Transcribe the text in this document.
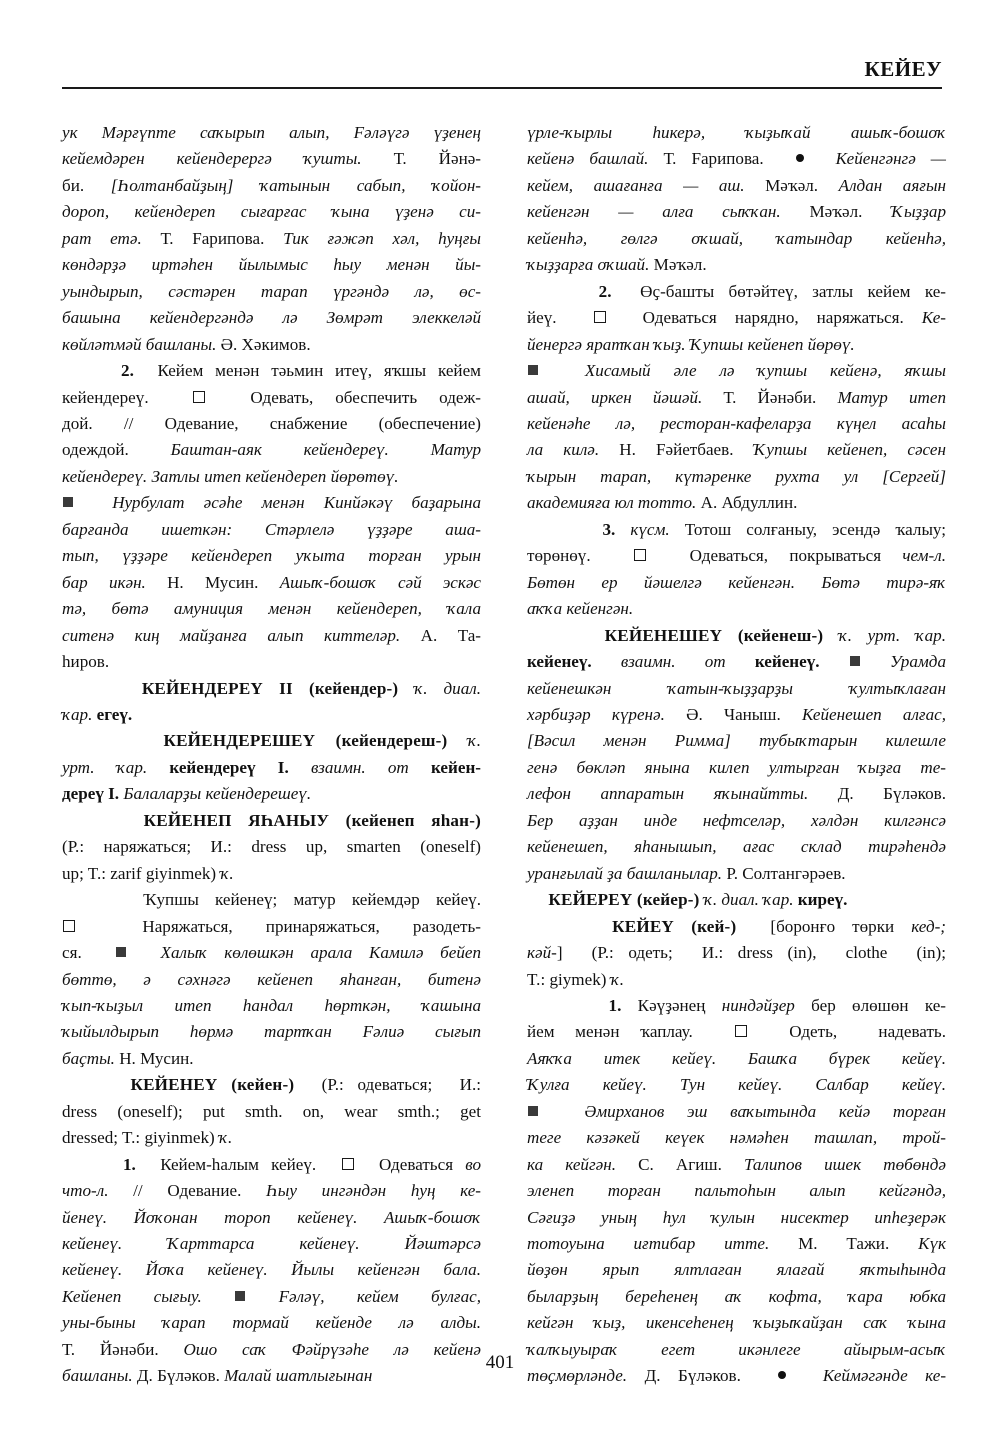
КЕЙЕУ
ук Мәрғүпте саҡырып алып, Fәләүгә үҙенең
кейемдәрен кейендерергә ҡушты. Т. Йәнә-
би. [Һолтанбайҙың] ҡатынын сабып, ҡойон-
дороп, кейендереп сығарғас ҡына үҙенә си-
рат етә. Т. Fарипова. Тик ғәжәп хәл, һуңғы
көндәрҙә иртәһен йылымыс һыу менән йы-
уындырып, сәстәрен тарап үргәндә лә, өс-
башына кейендергәндә лә Зөмрәт элеккеләй
көйләтмәй башланы. Ә. Хәкимов.
2.  Кейем менән тәьмин итеү, яҡшы кейем
кейендереү.    Одевать, обеспечить одеж-
дой. // Одевание, снабжение (обеспечение)
одеждой. Баштан-аяк кейендереү. Матур
кейендереү. Затлы итеп кейендереп йөрөтөү.
Нурбулат әсәһе менән Кинйәкәү баҙарына
барғанда ишеткән: Стәрлелә үҙҙәре аша-
тып, үҙҙәре кейендереп уҡыта торған урын
бар икән. Н. Мусин. Ашыҡ-бошоҡ сәй эскәс
тә, бөтә амуниция менән кейендереп, ҡала
ситенә киң майҙанға алып киттеләр. А. Та-
һиров.
КЕЙЕНДЕРЕҮ II (кейендер-) ҡ. диал.
ҡар. егеү.
КЕЙЕНДЕРЕШЕҮ (кейендереш-) ҡ.
урт. ҡар. кейендереү I. взаимн. от кейен-
дереү I. Балаларҙы кейендерешеү.
КЕЙЕНЕП ЯҺАНЫУ (кейенеп яһан-)
(Р.: наряжаться; И.: dress up, smarten (oneself)
up; T.: zarif giyinmek) ҡ.
Ҡупшы кейенеү; матур кейемдәр кейеү.
Наряжаться, принаряжаться, разодеть-
ся.    Халыҡ көлөшкән арала Камилә бейеп
бөттө, ә сәхнәгә кейенеп яһанған, битенә
ҡып-ҡыҙыл итеп һандал һөрткән, ҡашына
ҡыйылдырып һөрмә тартҡан Fәлиә сығып
баҫты. Н. Мусин.
КЕЙЕНЕҮ (кейен-)  (Р.: одеваться;  И.:
dress (oneself); put smth. on, wear smth.; get
dressed; T.: giyinmek) ҡ.
1.  Кейем-һалым кейеү.    Одеваться во
что-л. // Одевание. Һыу ингәндән һуң ке-
йенеү. Йоҡонан тороп кейенеү. Ашыҡ-бошоҡ
кейенеү. Ҡарттарса кейенеү. Йәштәрсә
кейенеү. Йоҡа кейенеү. Йылы кейенгән бала.
Кейенеп сығыу.  Fәләү, кейем булғас,
уны-быны ҡарап тормай кейенде лә алды.
Т. Йәнәби. Ошо саҡ Фәйрүзәһе лә кейенә
башланы. Д. Бүләков. Малай шатлығынан
үрле-ҡырлы һикерә, ҡыҙыҡай ашыҡ-бошоҡ
кейенә башлай. Т. Fарипова.    Кейенгәнгә —
кейем, ашағанға — аш. Мәҡәл. Алдан аяғын
кейенгән — алға сыҡҡан. Мәҡәл. Ҡыҙҙар
кейенһә, гөлгә оҡшай, ҡатындар кейенһә,
ҡыҙҙарға оҡшай. Мәҡәл.
2.  Өҫ-башты бөтәйтеү, затлы кейем ке-
йеү.    Одеваться нарядно, наряжаться. Ке-
йенергә яратҡан ҡыҙ. Ҡупшы кейенеп йөрөү.
Хисамый әле лә ҡупшы кейенә, яҡшы
ашай, иркен йәшәй. Т. Йәнәби. Матур итеп
кейенәһе лә, ресторан-кафеларҙа күңел асаһы
ла килә. Н. Fәйетбаев. Ҡупшы кейенеп, сәсен
ҡырын тарап, күтәренке рухта ул [Сергей]
академияға юл тотто. А. Абдуллин.
3. күсм. Тотош солғаныу, эсендә ҡалыу;
төрөнөү.    Одеваться, покрываться чем-л.
Бөтөн ер йәшелгә кейенгән. Бөтә тирә-яҡ
аҡҡа кейенгән.
КЕЙЕНЕШЕҮ (кейенеш-) ҡ. урт. ҡар.
кейенеү. взаимн. от кейенеү.  Урамда
кейенешкән ҡатын-ҡыҙҙарҙы ҡултыҡлаған
хәрбиҙәр күренә. Ә. Чаныш. Кейенешеп алғас,
[Вәсил менән Римма] тубыҡтарын килешле
генә бөкләп янына килеп ултырған ҡыҙға те-
лефон аппаратын яҡынайтты. Д. Бүләков.
Бер аҙҙан инде нефтселәр, хәлдән килгәнсә
кейенешеп, яһанышып, ағас склад тирәһендә
уранғылай ҙа башланылар. Р. Солтангәрәев.
КЕЙЕРЕҮ (кейер-) ҡ. диал. ҡар. киреү.
КЕЙЕҮ (кей-)  [боронғо төрки кед-;
кәй-]  (Р.: одеть;  И.: dress (in),  clothe  (in);
T.: giymek) ҡ.
1. Кәүҙәнең ниндәйҙер бер өлөшөн ке-
йем менән ҡаплау.    Одеть,  надевать.
Аяҡҡа итек кейеү. Башҡа бүрек кейеү.
Ҡулға кейеү. Тун кейеү. Салбар кейеү.
Әмирханов эш ваҡытында кейә торған
теге кәзәкей кеүек нәмәһен ташлап, трой-
ка кейгән. С. Агиш. Талипов ишек төбөндә
эленеп торған пальтоһын алып кейгәндә,
Сәғиҙә уның һул ҡулын нисектер ипһеҙерәк
тотоуына иғтибар итте. М. Тажи. Күк
йөҙөн ярып ялтлаған ялағай яҡтыһында
быларҙың береһенең аҡ кофта, ҡара юбка
кейгән ҡыҙ, икенсеһенең ҡыҙыҡайҙан саҡ ҡына
ҡалҡыуыраҡ егет икәнлеге айырым-асыҡ
төҫмөрләнде. Д. Бүләков.    Кеймәгәнде ке-
401
